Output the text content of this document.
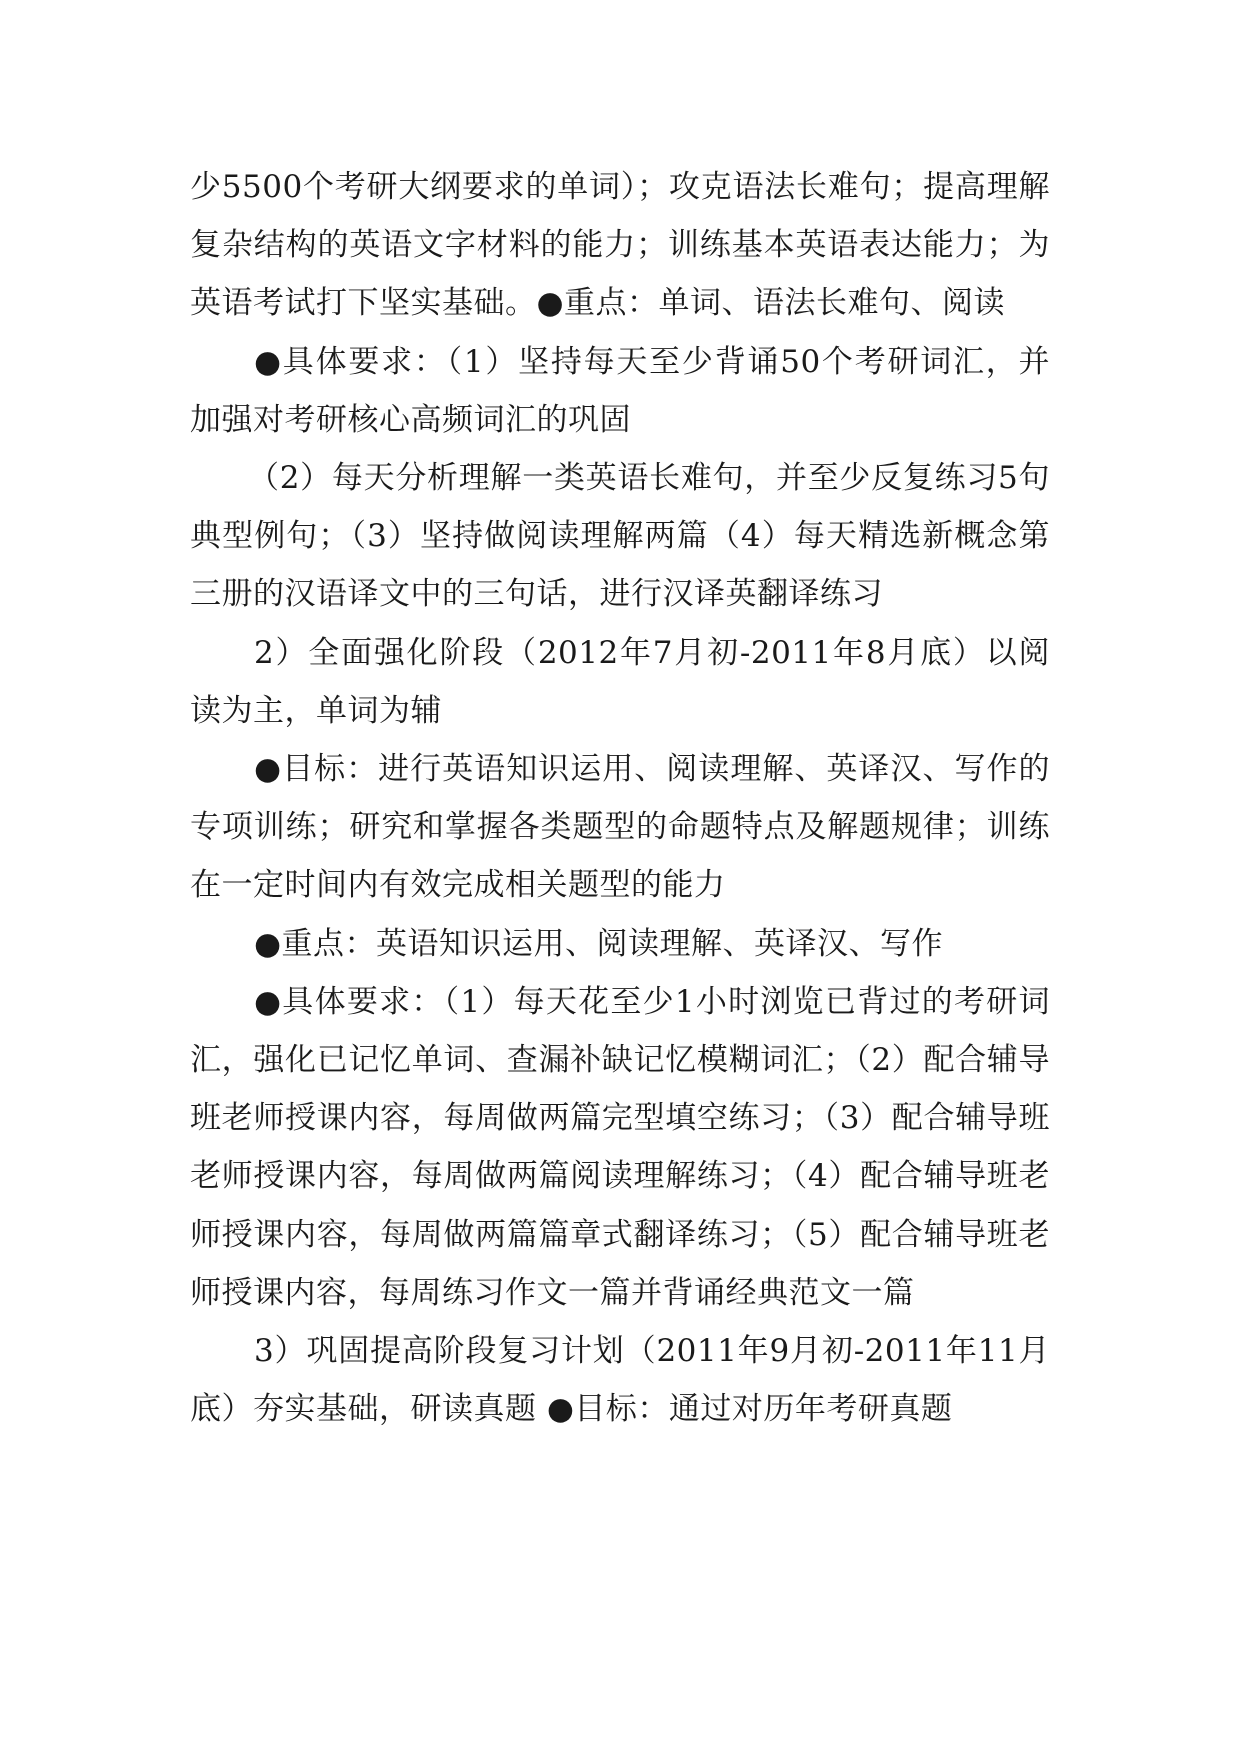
少5500个考研大纲要求的单词）；攻克语法长难句；提高理解复杂结构的英语文字材料的能力；训练基本英语表达能力；为英语考试打下坚实基础。●重点：单词、语法长难句、阅读

●具体要求：（1）坚持每天至少背诵50个考研词汇，并加强对考研核心高频词汇的巩固

（2）每天分析理解一类英语长难句，并至少反复练习5句典型例句；（3）坚持做阅读理解两篇（4）每天精选新概念第三册的汉语译文中的三句话，进行汉译英翻译练习

2）全面强化阶段（2012年7月初-2011年8月底）以阅读为主，单词为辅

●目标：进行英语知识运用、阅读理解、英译汉、写作的专项训练；研究和掌握各类题型的命题特点及解题规律；训练在一定时间内有效完成相关题型的能力

●重点：英语知识运用、阅读理解、英译汉、写作

●具体要求：（1）每天花至少1小时浏览已背过的考研词汇，强化已记忆单词、查漏补缺记忆模糊词汇；（2）配合辅导班老师授课内容，每周做两篇完型填空练习；（3）配合辅导班老师授课内容，每周做两篇阅读理解练习；（4）配合辅导班老师授课内容，每周做两篇篇章式翻译练习；（5）配合辅导班老师授课内容，每周练习作文一篇并背诵经典范文一篇

3）巩固提高阶段复习计划（2011年9月初-2011年11月底）夯实基础，研读真题 ●目标：通过对历年考研真题
